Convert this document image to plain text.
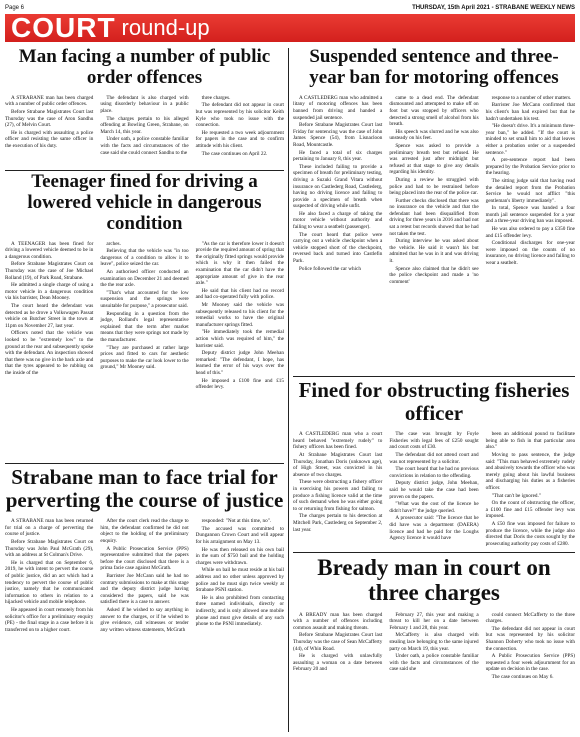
Page 6	THURSDAY, 15th April 2021 - STRABANE WEEKLY NEWS
COURT round-up
Man facing a number of public order offences

A STRABANE man has been charged with a number of public order offences.

Before Strabane Magistrates Court last Thursday was the case of Aron Sandhu (27), of Melvin Court.

He is charged with assaulting a police officer and resisting the same officer in the execution of his duty.

The defendant is also charged with using disorderly behaviour in a public place.

The charges pertain to his alleged offending at Bowling Green, Strabane, on March 14, this year.

Under oath, a police constable familiar with the facts and circumstances of the case said she could connect Sandhu to the

three charges.

The defendant did not appear in court but was represented by his solicitor Keith Kyle who took no issue with the connection.

He requested a two week adjournment for papers in the case and to confirm attitude with his client.

The case continues on April 22.

Teenager fined for driving a lowered vehicle in dangerous condition

A TEENAGER has been fined for driving a lowered vehicle deemed to be in a dangerous condition.

Before Strabane Magistrates Court on Thursday was the case of Joe Michael Rolland (19), of Park Road, Strabane.

He admitted a single charge of using a motor vehicle in a dangerous condition via his barrister, Dean Mooney.

The court heard the defendant was detected as he drove a Volkswagen Passat vehicle on Butcher Street in the town at 11pm on November 27, last year.

Officers noted that the vehicle was looked to be "extremely low" to the ground at the rear and subsequently spoke with the defendant. An inspection showed that there was no give in the back axle and that the tyres appeared to be rubbing on the inside of the

arches.

Believing that the vehicle was "in too dangerous of a condition to allow it to leave", police seized the car.

An authorised officer conducted an examination on December 21 and deemed the the rear axle.

"That's what accounted for the low suspension and the springs were unsuitable for purpose," a prosecutor said.

Responding in a question from the judge, Rolland's legal representative explained that the term after market means that they were springs not made by the manufacturer.

"They are purchased at rather large prices and fitted to cars for aesthetic purposes to make the car look lower to the ground," Mr Mooney said.

"As the car is therefore lower it doesn't provide the required amount of spring that the originally fitted springs would provide which is why it then failed the examination that the car didn't have the appropriate amount of give in the rear axle."

He said that his client had no record and had co-operated fully with police.

Mr Mooney said the vehicle was subsequently released to his client for the remedial works to have the original manufacturer springs fitted.

"He immediately took the remedial action which was required of him," the barrister said.

Deputy district judge John Meehan remarked: "The defendant, I hope, has learned the error of his ways over the head of this."

He imposed a £100 fine and £15 offender levy.

Strabane man to face trial for perverting the course of justice

A STRABANE man has been returned for trial on a charge of perverting the course of justice.

Before Strabane Magistrates Court on Thursday was John Paul McGrath (29), with an address at St Colman's Drive.

He is charged that on September 6, 2019, he with intent to pervert the course of public justice, did an act which had a tendency to pervert the course of public justice, namely that he communicated information to others in relation to a hijacked vehicle and mobile telephone.

He appeared in court remotely from his solicitor's office for a preliminary enquiry (PE) - the final stage in a case before it is transferred on to a higher court.

After the court clerk read the charge to him, the defendant confirmed he did not object to the holding of the preliminary enquiry.

A Public Prosecution Service (PPS) representative submitted that the papers before the court disclosed that there is a prima facie case against McGrath.

Barrister Joe McCann said he had no contrary submissions to make at this stage and the deputy district judge having considered the papers, said he was satisfied there is a case to answer.

Asked if he wished to say anything in answer to the charges, or if he wished to give evidence, call witnesses or tender any written witness statements, McGrath

responded: "Not at this time, no".

The accused was committed to Dungannon Crown Court and will appear for his arraignment on May 13.

He was then released on his own bail in the sum of $750 bail and the holding charges were withdrawn.

While on bail he must reside at his bail address and no other unless approved by police and he must sign twice weekly at Strabane PSNI station.

He is also prohibited from contacting three named individuals, directly or indirectly, and is only allowed one mobile phone and must give details of any such phone to the PSNI immediately.

Suspended sentence and three-year ban for motoring offences

A CASTLEDERG man who admitted a litany of motoring offences has been banned from driving and handed a suspended jail sentence.

Before Strabane Magistrates Court last Friday for sentencing was the case of John James Spence (54), from Lisnacloon Road, Mountcastle.

He faced a total of six charges pertaining to January 8, this year.

These included failing to provide a specimen of breath for preliminary testing, driving a Suzuki Grand Vitara without insurance on Castlederg Road, Castlederg, having no driving licence and failing to provide a specimen of breath when suspected of driving while unfit.

He also faced a charge of taking the motor vehicle without authority and failing to wear a seatbelt (passenger).

The court heard that police were carrying out a vehicle checkpoint when a vehicle stopped short of the checkpoint, reversed back and turned into Castlefin Park.

Police followed the car which

came to a dead end. The defendant dismounted and attempted to make off on foot but was stopped by officers who detected a strong smell of alcohol from his breath.

His speech was slurred and he was also unsteady on his feet.

Spence was asked to provide a preliminary breath test but refused. He was arrested just after midnight but refused at that stage to give any details regarding his identity.

During a review he struggled with police and had to be restrained before being placed into the rear of the police car.

Further checks disclosed that there was no insurance on the vehicle and that the defendant had been disqualified from driving for three years in 2016 and had not sat a retest but records showed that he had not taken the test.

During interview he was asked about the vehicle. He said it wasn't his but admitted that he was in it and was driving it.

Spence also claimed that he didn't see the police checkpoint and made a 'no comment'

response to a number of other matters.

Barrister Joe McCann confirmed that his client's ban had expired but that he hadn't undertaken his test.

"He doesn't drive. It's a minimum three-year ban," he added. "If the court is minded to set small him to aid that leaves either a probation order or a suspended sentence."

A pre-sentence report had been prepared by the Probation Service prior to the hearing.

The sitting judge said that having read the detailed report from the Probation Service he would not afflict "this gentleman's liberty immediately".

In total, Spence was handed a four month jail sentence suspended for a year and a three-year driving ban was imposed.

He was also ordered to pay a £350 fine and £15 offender levy.

Conditional discharges for one-year were imposed on the counts of no insurance, no driving licence and failing to wear a seatbelt.

Fined for obstructing fisheries officer

A CASTLEDERG man who a court heard behaved "extremely rudely" to fishery officers has been fined.

At Strabane Magistrates Court last Thursday, Jonathan Doris (unknown age), of High Street, was convicted in his absence of two charges.

These were obstructing a fishery officer in exercising his powers and failing to produce a fishing licence valid at the time of such demand when he was either going to or returning from fishing for salmon.

The charges pertain to his detection at Mitchell Park, Castlederg on September 2, last year.

The case was brought by Foyle Fisheries with legal fees of £250 sought and court costs of £30.

The defendant did not attend court and was not represented by a solicitor.

The court heard that he had no previous convictions in relation to the offending.

Deputy district judge, John Meehan, said he would take the case had been proven on the papers.

"What was the cost of the licence he didn't have?" the judge queried.

A prosecutor said: "The licence that he did have was a department (DAERA) licence and had he paid for the Loughs Agency licence it would have

been an additional pound to facilitate being able to fish in that particular area also."

Moving to pass sentence, the judge said: "This man behaved extremely rudely and abusively towards the officer who was merely going about his lawful business and discharging his duties as a fisheries officer.

"That can't be ignored."

On the count of obstructing the officer, a £100 fine and £15 offender levy was imposed.

A £50 fine was imposed for failure to produce the licence, while the judge also directed that Doris the costs sought by the prosecuting authority pay costs of £280.

Bready man in court on three charges

A BREADY man has been charged with a number of offences including common assault and making threats.

Before Strabane Magistrates Court last Thursday was the case of Sean McCafferty (44), of Whin Road.

He is charged with unlawfully assaulting a woman on a date between February 20 and

February 27, this year and making a threat to kill her on a date between February 1 and 28, this year.

McCafferty is also charged with stealing lace belonging to the same injured party on March 19, this year.

Under oath, a police constable familiar with the facts and circumstances of the case said she

could connect McCafferty to the three charges.

The defendant did not appear in court but was represented by his solicitor Shannon Doherty who took no issue with the connection.

A Public Prosecution Service (PPS) requested a four week adjournment for an update on decision in the case.

The case continues on May 6.
